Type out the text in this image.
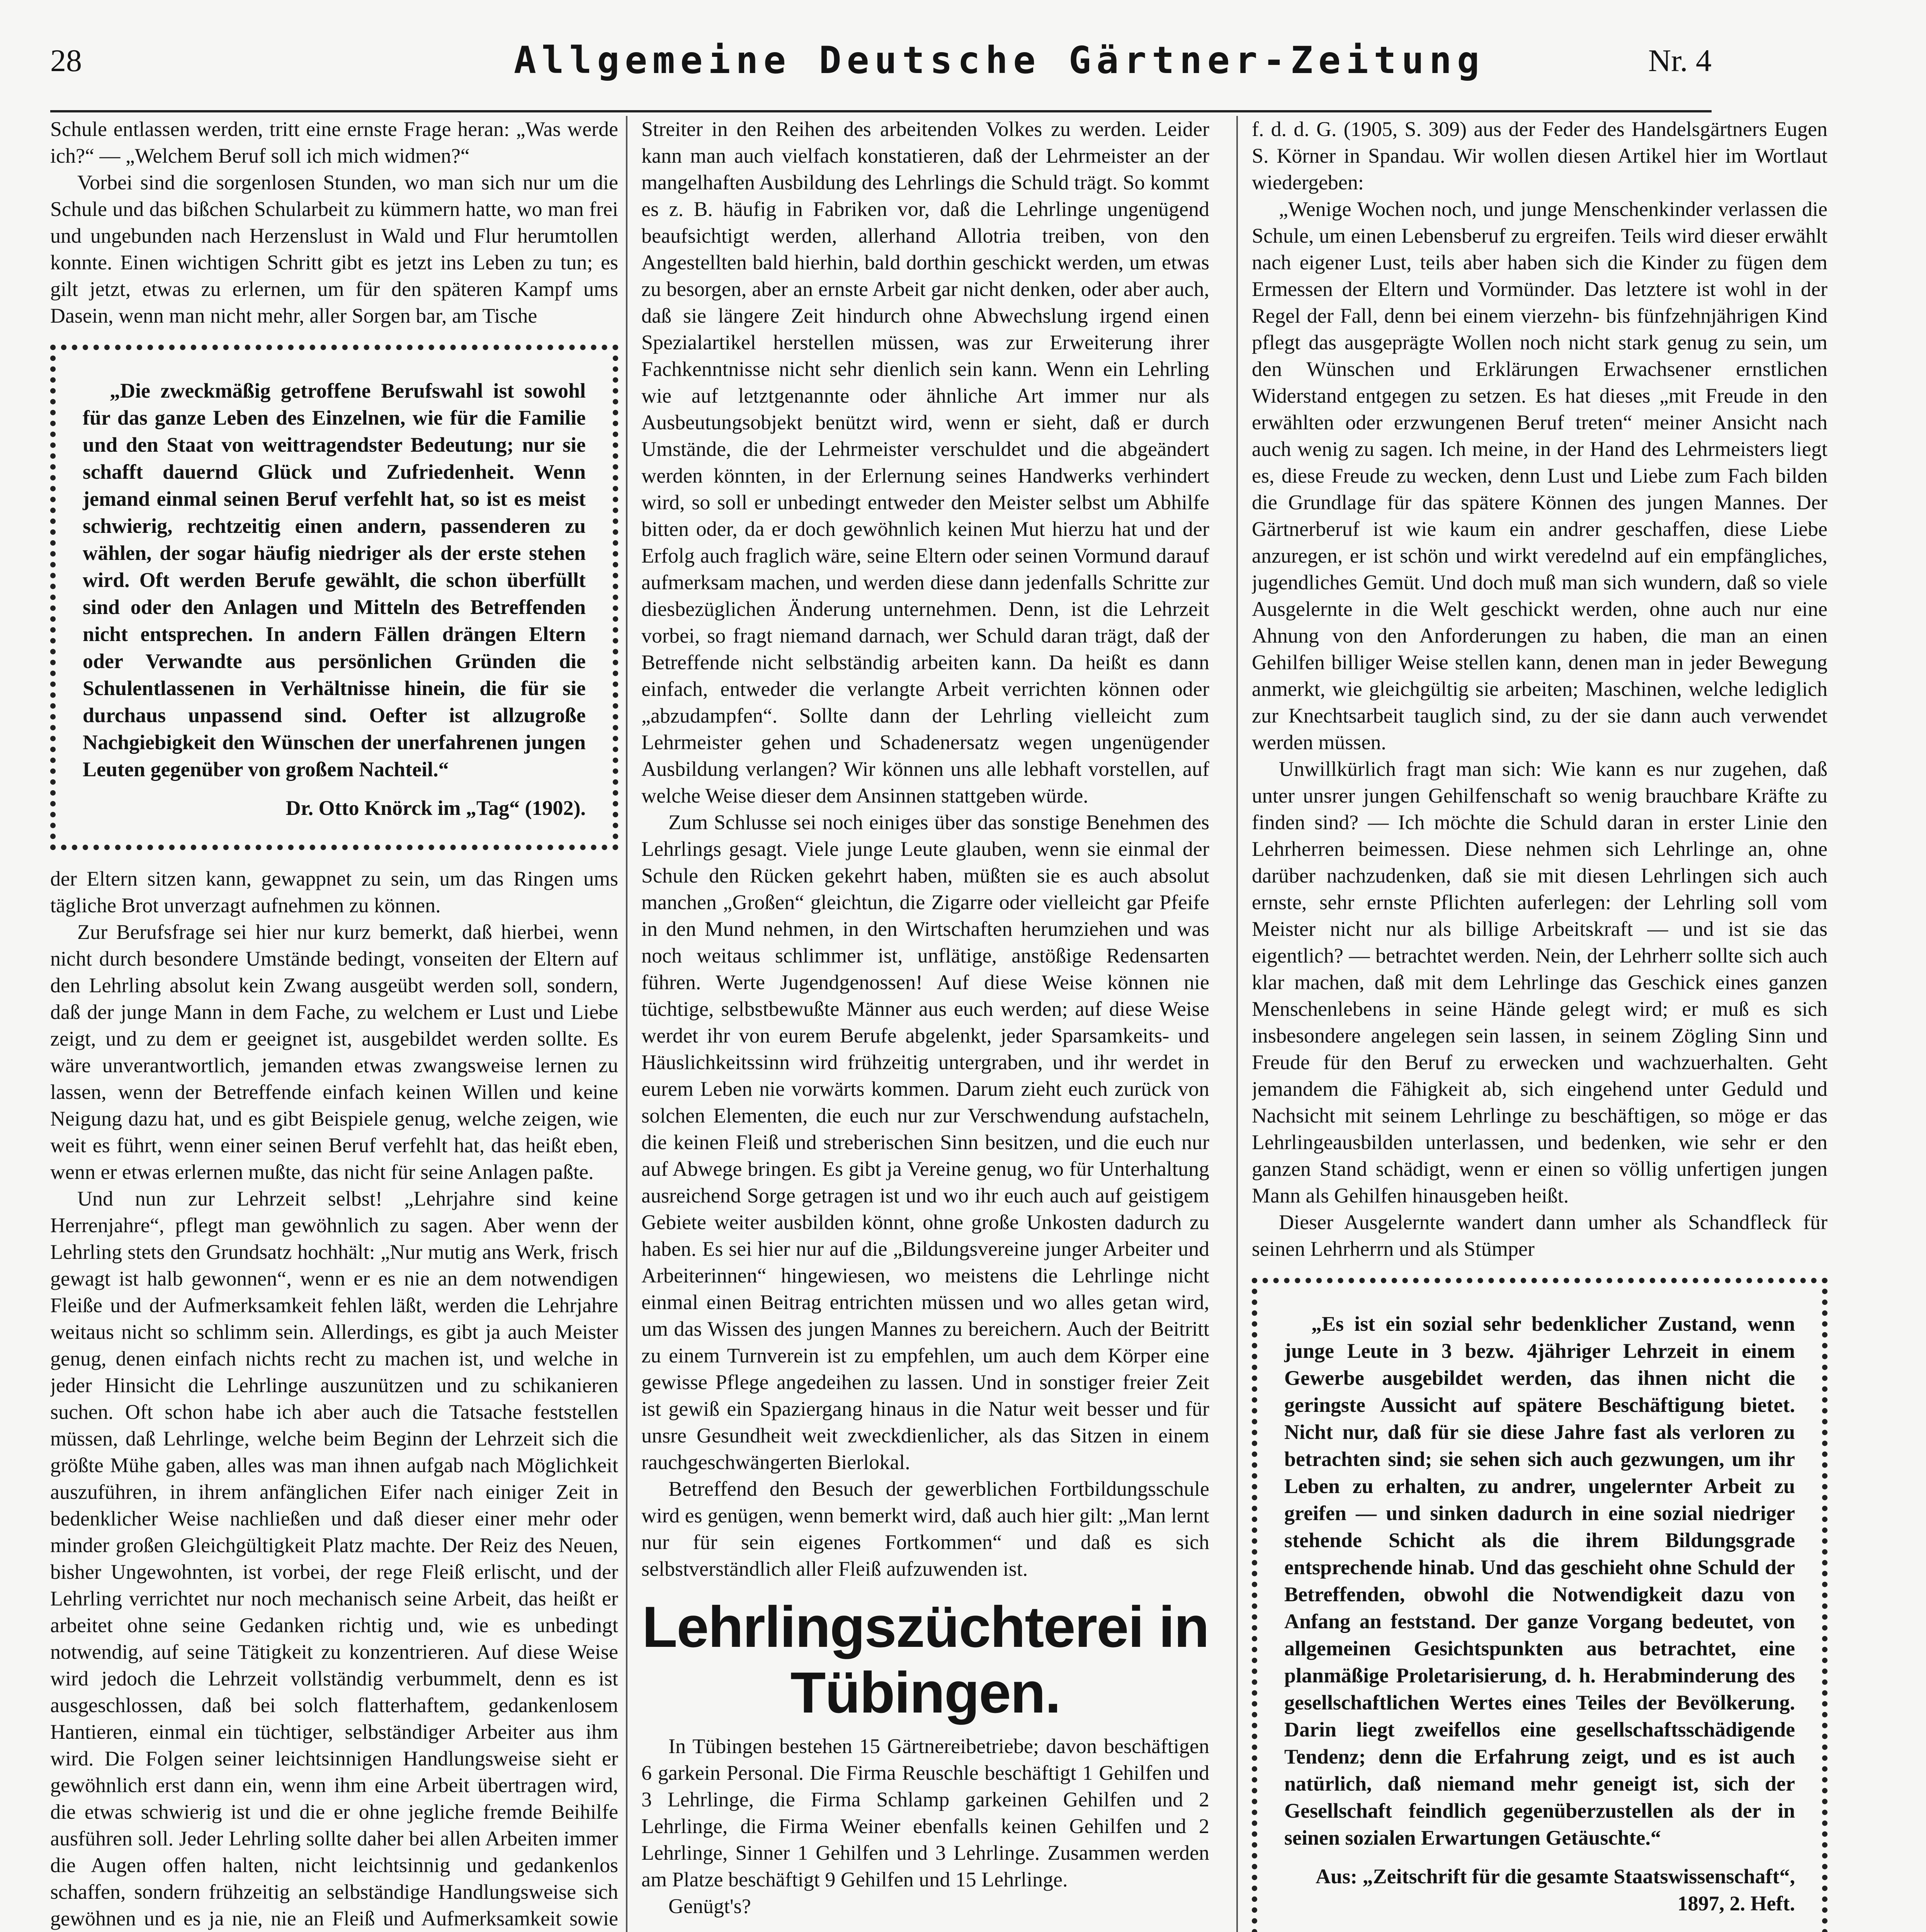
28	Allgemeine Deutsche Gärtner-Zeitung	Nr. 4

Schule entlassen werden, tritt eine ernste Frage heran: „Was werde ich?“ — „Welchem Beruf soll ich mich widmen?“

Vorbei sind die sorgenlosen Stunden, wo man sich nur um die Schule und das bißchen Schularbeit zu kümmern hatte, wo man frei und ungebunden nach Herzenslust in Wald und Flur herumtollen konnte. Einen wichtigen Schritt gibt es jetzt ins Leben zu tun; es gilt jetzt, etwas zu erlernen, um für den späteren Kampf ums Dasein, wenn man nicht mehr, aller Sorgen bar, am Tische

„Die zweckmäßig getroffene Berufswahl ist sowohl für das ganze Leben des Einzelnen, wie für die Familie und den Staat von weittragendster Bedeutung; nur sie schafft dauernd Glück und Zufriedenheit. Wenn jemand einmal seinen Beruf verfehlt hat, so ist es meist schwierig, rechtzeitig einen andern, passenderen zu wählen, der sogar häufig niedriger als der erste stehen wird. Oft werden Berufe gewählt, die schon überfüllt sind oder den Anlagen und Mitteln des Betreffenden nicht entsprechen. In andern Fällen drängen Eltern oder Verwandte aus persönlichen Gründen die Schulentlassenen in Verhältnisse hinein, die für sie durchaus unpassend sind. Oefter ist allzugroße Nachgiebigkeit den Wünschen der unerfahrenen jungen Leuten gegenüber von großem Nachteil.“

Dr. Otto Knörck im „Tag“ (1902).

der Eltern sitzen kann, gewappnet zu sein, um das Ringen ums tägliche Brot unverzagt aufnehmen zu können.

Zur Berufsfrage sei hier nur kurz bemerkt, daß hierbei, wenn nicht durch besondere Umstände bedingt, vonseiten der Eltern auf den Lehrling absolut kein Zwang ausgeübt werden soll, sondern, daß der junge Mann in dem Fache, zu welchem er Lust und Liebe zeigt, und zu dem er geeignet ist, ausgebildet werden sollte. Es wäre unverantwortlich, jemanden etwas zwangsweise lernen zu lassen, wenn der Betreffende einfach keinen Willen und keine Neigung dazu hat, und es gibt Beispiele genug, welche zeigen, wie weit es führt, wenn einer seinen Beruf verfehlt hat, das heißt eben, wenn er etwas erlernen mußte, das nicht für seine Anlagen paßte.

Und nun zur Lehrzeit selbst! „Lehrjahre sind keine Herrenjahre“, pflegt man gewöhnlich zu sagen. Aber wenn der Lehrling stets den Grundsatz hochhält: „Nur mutig ans Werk, frisch gewagt ist halb gewonnen“, wenn er es nie an dem notwendigen Fleiße und der Aufmerksamkeit fehlen läßt, werden die Lehrjahre weitaus nicht so schlimm sein. Allerdings, es gibt ja auch Meister genug, denen einfach nichts recht zu machen ist, und welche in jeder Hinsicht die Lehrlinge auszunützen und zu schikanieren suchen. Oft schon habe ich aber auch die Tatsache feststellen müssen, daß Lehrlinge, welche beim Beginn der Lehrzeit sich die größte Mühe gaben, alles was man ihnen aufgab nach Möglichkeit auszuführen, in ihrem anfänglichen Eifer nach einiger Zeit in bedenklicher Weise nachließen und daß dieser einer mehr oder minder großen Gleichgültigkeit Platz machte. Der Reiz des Neuen, bisher Ungewohnten, ist vorbei, der rege Fleiß erlischt, und der Lehrling verrichtet nur noch mechanisch seine Arbeit, das heißt er arbeitet ohne seine Gedanken richtig und, wie es unbedingt notwendig, auf seine Tätigkeit zu konzentrieren. Auf diese Weise wird jedoch die Lehrzeit vollständig verbummelt, denn es ist ausgeschlossen, daß bei solch flatterhaftem, gedankenlosem Hantieren, einmal ein tüchtiger, selbständiger Arbeiter aus ihm wird. Die Folgen seiner leichtsinnigen Handlungsweise sieht er gewöhnlich erst dann ein, wenn ihm eine Arbeit übertragen wird, die etwas schwierig ist und die er ohne jegliche fremde Beihilfe ausführen soll. Jeder Lehrling sollte daher bei allen Arbeiten immer die Augen offen halten, nicht leichtsinnig und gedankenlos schaffen, sondern frühzeitig an selbständige Handlungsweise sich gewöhnen und es ja nie, nie an Fleiß und Aufmerksamkeit sowie

Streiter in den Reihen des arbeitenden Volkes zu werden. Leider kann man auch vielfach konstatieren, daß der Lehrmeister an der mangelhaften Ausbildung des Lehrlings die Schuld trägt. So kommt es z. B. häufig in Fabriken vor, daß die Lehrlinge ungenügend beaufsichtigt werden, allerhand Allotria treiben, von den Angestellten bald hierhin, bald dorthin geschickt werden, um etwas zu besorgen, aber an ernste Arbeit gar nicht denken, oder aber auch, daß sie längere Zeit hindurch ohne Abwechslung irgend einen Spezialartikel herstellen müssen, was zur Erweiterung ihrer Fachkenntnisse nicht sehr dienlich sein kann. Wenn ein Lehrling wie auf letztgenannte oder ähnliche Art immer nur als Ausbeutungsobjekt benützt wird, wenn er sieht, daß er durch Umstände, die der Lehrmeister verschuldet und die abgeändert werden könnten, in der Erlernung seines Handwerks verhindert wird, so soll er unbedingt entweder den Meister selbst um Abhilfe bitten oder, da er doch gewöhnlich keinen Mut hierzu hat und der Erfolg auch fraglich wäre, seine Eltern oder seinen Vormund darauf aufmerksam machen, und werden diese dann jedenfalls Schritte zur diesbezüglichen Änderung unternehmen. Denn, ist die Lehrzeit vorbei, so fragt niemand darnach, wer Schuld daran trägt, daß der Betreffende nicht selbständig arbeiten kann. Da heißt es dann einfach, entweder die verlangte Arbeit verrichten können oder „abzudampfen“. Sollte dann der Lehrling vielleicht zum Lehrmeister gehen und Schadenersatz wegen ungenügender Ausbildung verlangen? Wir können uns alle lebhaft vorstellen, auf welche Weise dieser dem Ansinnen stattgeben würde.

Zum Schlusse sei noch einiges über das sonstige Benehmen des Lehrlings gesagt. Viele junge Leute glauben, wenn sie einmal der Schule den Rücken gekehrt haben, müßten sie es auch absolut manchen „Großen“ gleichtun, die Zigarre oder vielleicht gar Pfeife in den Mund nehmen, in den Wirtschaften herumziehen und was noch weitaus schlimmer ist, unflätige, anstößige Redensarten führen. Werte Jugendgenossen! Auf diese Weise können nie tüchtige, selbstbewußte Männer aus euch werden; auf diese Weise werdet ihr von eurem Berufe abgelenkt, jeder Sparsamkeits- und Häuslichkeitssinn wird frühzeitig untergraben, und ihr werdet in eurem Leben nie vorwärts kommen. Darum zieht euch zurück von solchen Elementen, die euch nur zur Verschwendung aufstacheln, die keinen Fleiß und streberischen Sinn besitzen, und die euch nur auf Abwege bringen. Es gibt ja Vereine genug, wo für Unterhaltung ausreichend Sorge getragen ist und wo ihr euch auch auf geistigem Gebiete weiter ausbilden könnt, ohne große Unkosten dadurch zu haben. Es sei hier nur auf die „Bildungsvereine junger Arbeiter und Arbeiterinnen“ hingewiesen, wo meistens die Lehrlinge nicht einmal einen Beitrag entrichten müssen und wo alles getan wird, um das Wissen des jungen Mannes zu bereichern. Auch der Beitritt zu einem Turnverein ist zu empfehlen, um auch dem Körper eine gewisse Pflege angedeihen zu lassen. Und in sonstiger freier Zeit ist gewiß ein Spaziergang hinaus in die Natur weit besser und für unsre Gesundheit weit zweckdienlicher, als das Sitzen in einem rauchgeschwängerten Bierlokal.

Betreffend den Besuch der gewerblichen Fortbildungsschule wird es genügen, wenn bemerkt wird, daß auch hier gilt: „Man lernt nur für sein eigenes Fortkommen“ und daß es sich selbstverständlich aller Fleiß aufzuwenden ist.

Lehrlingszüchterei in Tübingen.

In Tübingen bestehen 15 Gärtnereibetriebe; davon beschäftigen 6 garkein Personal. Die Firma Reuschle beschäftigt 1 Gehilfen und 3 Lehrlinge, die Firma Schlamp garkeinen Gehilfen und 2 Lehrlinge, die Firma Weiner ebenfalls keinen Gehilfen und 2 Lehrlinge, Sinner 1 Gehilfen und 3 Lehrlinge. Zusammen werden am Platze beschäftigt 9 Gehilfen und 15 Lehrlinge.

Genügt's?

f. d. d. G. (1905, S. 309) aus der Feder des Handelsgärtners Eugen S. Körner in Spandau. Wir wollen diesen Artikel hier im Wortlaut wiedergeben:

„Wenige Wochen noch, und junge Menschenkinder verlassen die Schule, um einen Lebensberuf zu ergreifen. Teils wird dieser erwählt nach eigener Lust, teils aber haben sich die Kinder zu fügen dem Ermessen der Eltern und Vormünder. Das letztere ist wohl in der Regel der Fall, denn bei einem vierzehn- bis fünfzehnjährigen Kind pflegt das ausgeprägte Wollen noch nicht stark genug zu sein, um den Wünschen und Erklärungen Erwachsener ernstlichen Widerstand entgegen zu setzen. Es hat dieses „mit Freude in den erwählten oder erzwungenen Beruf treten“ meiner Ansicht nach auch wenig zu sagen. Ich meine, in der Hand des Lehrmeisters liegt es, diese Freude zu wecken, denn Lust und Liebe zum Fach bilden die Grundlage für das spätere Können des jungen Mannes. Der Gärtnerberuf ist wie kaum ein andrer geschaffen, diese Liebe anzuregen, er ist schön und wirkt veredelnd auf ein empfängliches, jugendliches Gemüt. Und doch muß man sich wundern, daß so viele Ausgelernte in die Welt geschickt werden, ohne auch nur eine Ahnung von den Anforderungen zu haben, die man an einen Gehilfen billiger Weise stellen kann, denen man in jeder Bewegung anmerkt, wie gleichgültig sie arbeiten; Maschinen, welche lediglich zur Knechtsarbeit tauglich sind, zu der sie dann auch verwendet werden müssen.

Unwillkürlich fragt man sich: Wie kann es nur zugehen, daß unter unsrer jungen Gehilfenschaft so wenig brauchbare Kräfte zu finden sind? — Ich möchte die Schuld daran in erster Linie den Lehrherren beimessen. Diese nehmen sich Lehrlinge an, ohne darüber nachzudenken, daß sie mit diesen Lehrlingen sich auch ernste, sehr ernste Pflichten auferlegen: der Lehrling soll vom Meister nicht nur als billige Arbeitskraft — und ist sie das eigentlich? — betrachtet werden. Nein, der Lehrherr sollte sich auch klar machen, daß mit dem Lehrlinge das Geschick eines ganzen Menschenlebens in seine Hände gelegt wird; er muß es sich insbesondere angelegen sein lassen, in seinem Zögling Sinn und Freude für den Beruf zu erwecken und wachzuerhalten. Geht jemandem die Fähigkeit ab, sich eingehend unter Geduld und Nachsicht mit seinem Lehrlinge zu beschäftigen, so möge er das Lehrlingeausbilden unterlassen, und bedenken, wie sehr er den ganzen Stand schädigt, wenn er einen so völlig unfertigen jungen Mann als Gehilfen hinausgeben heißt.

Dieser Ausgelernte wandert dann umher als Schandfleck für seinen Lehrherrn und als Stümper

„Es ist ein sozial sehr bedenklicher Zustand, wenn junge Leute in 3 bezw. 4jähriger Lehrzeit in einem Gewerbe ausgebildet werden, das ihnen nicht die geringste Aussicht auf spätere Beschäftigung bietet. Nicht nur, daß für sie diese Jahre fast als verloren zu betrachten sind; sie sehen sich auch gezwungen, um ihr Leben zu erhalten, zu andrer, ungelernter Arbeit zu greifen — und sinken dadurch in eine sozial niedriger stehende Schicht als die ihrem Bildungsgrade entsprechende hinab. Und das geschieht ohne Schuld der Betreffenden, obwohl die Notwendigkeit dazu von Anfang an feststand. Der ganze Vorgang bedeutet, von allgemeinen Gesichtspunkten aus betrachtet, eine planmäßige Proletarisierung, d. h. Herabminderung des gesellschaftlichen Wertes eines Teiles der Bevölkerung. Darin liegt zweifellos eine gesellschaftsschädigende Tendenz; denn die Erfahrung zeigt, und es ist auch natürlich, daß niemand mehr geneigt ist, sich der Gesellschaft feindlich gegenüberzustellen als der in seinen sozialen Erwartungen Getäuschte.“

Aus: „Zeitschrift für die gesamte Staatswissenschaft“, 1897, 2. Heft.
